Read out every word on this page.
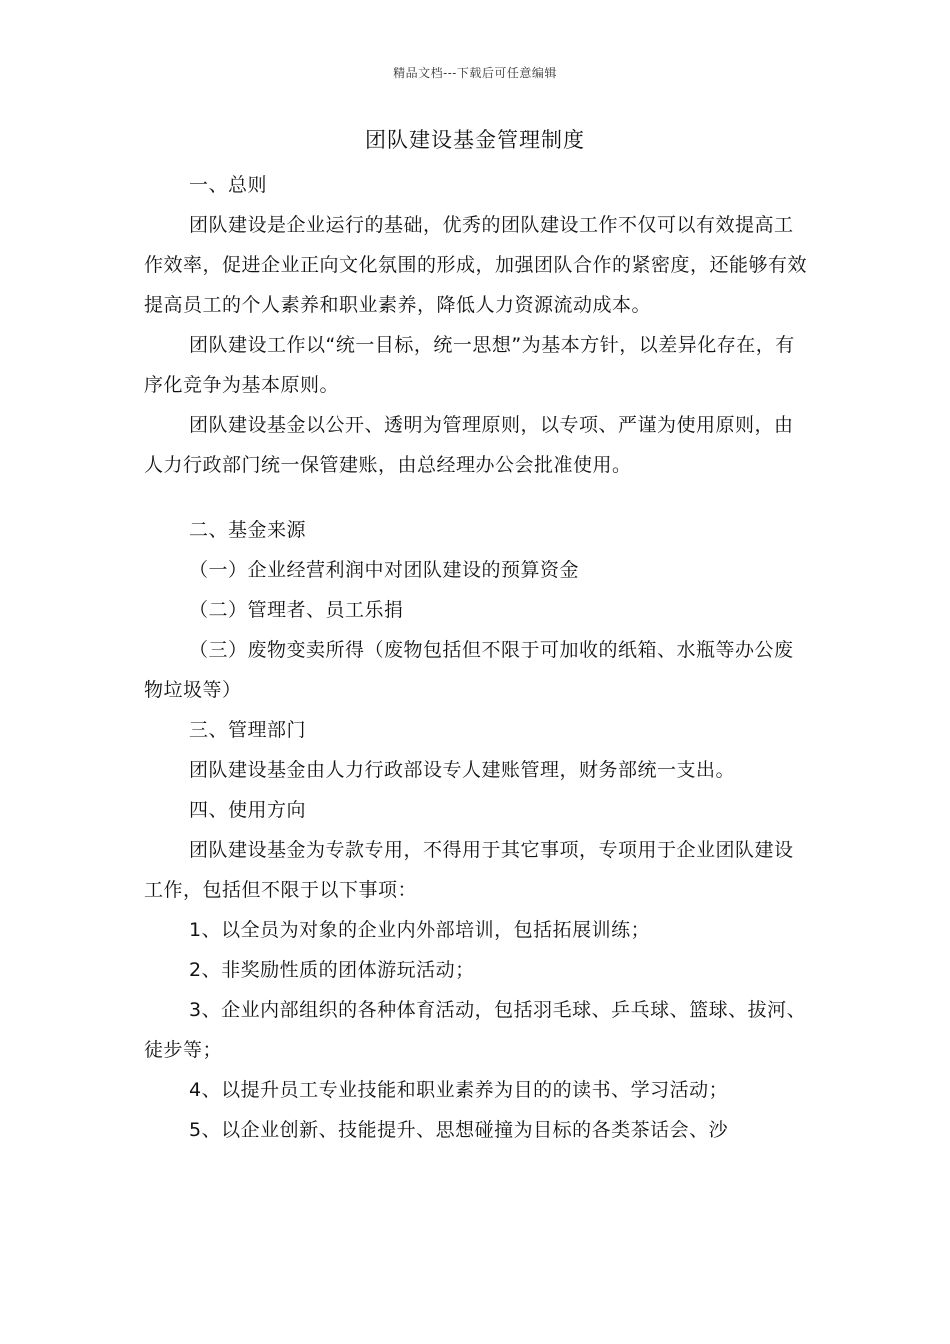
精品文档---下载后可任意编辑
团队建设基金管理制度

一、总则

团队建设是企业运行的基础，优秀的团队建设工作不仅可以有效提高工作效率，促进企业正向文化氛围的形成，加强团队合作的紧密度，还能够有效提高员工的个人素养和职业素养，降低人力资源流动成本。

团队建设工作以“统一目标，统一思想”为基本方针，以差异化存在，有序化竞争为基本原则。

团队建设基金以公开、透明为管理原则，以专项、严谨为使用原则，由人力行政部门统一保管建账，由总经理办公会批准使用。

二、基金来源

（一）企业经营利润中对团队建设的预算资金

（二）管理者、员工乐捐

（三）废物变卖所得（废物包括但不限于可加收的纸箱、水瓶等办公废物垃圾等）

三、管理部门

团队建设基金由人力行政部设专人建账管理，财务部统一支出。

四、使用方向

团队建设基金为专款专用，不得用于其它事项，专项用于企业团队建设工作，包括但不限于以下事项：

1、以全员为对象的企业内外部培训，包括拓展训练；

2、非奖励性质的团体游玩活动；

3、企业内部组织的各种体育活动，包括羽毛球、乒乓球、篮球、拔河、徒步等；

4、以提升员工专业技能和职业素养为目的的读书、学习活动；

5、以企业创新、技能提升、思想碰撞为目标的各类茶话会、沙
